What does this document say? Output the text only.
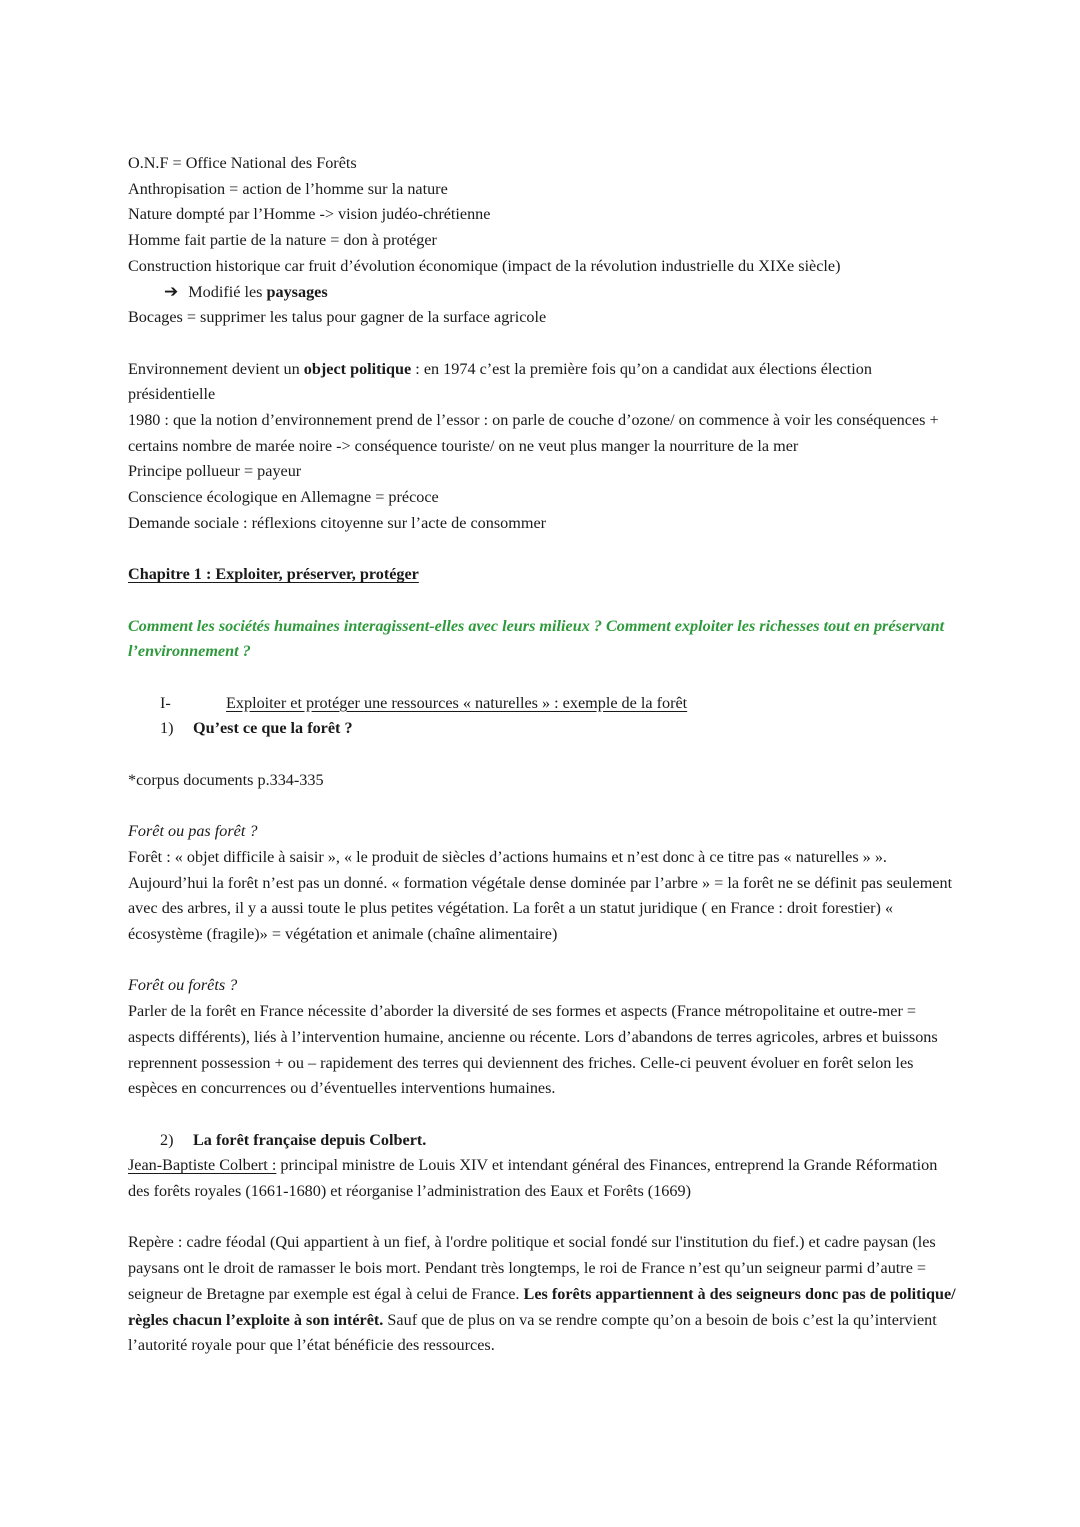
O.N.F = Office National des Forêts

Anthropisation = action de l’homme sur la nature

Nature dompté par l’Homme -> vision judéo-chrétienne

Homme fait partie de la nature = don à protéger

Construction historique car fruit d’évolution économique (impact de la révolution industrielle du XIXe siècle)

➔ Modifié les paysages

Bocages = supprimer les talus pour gagner de la surface agricole

Environnement devient un object politique : en 1974 c’est la première fois qu’on a candidat aux élections élection présidentielle

1980 : que la notion d’environnement prend de l’essor : on parle de couche d’ozone/ on commence à voir les conséquences + certains nombre de marée noire -> conséquence touriste/ on ne veut plus manger la nourriture de la mer

Principe pollueur = payeur

Conscience écologique en Allemagne = précoce

Demande sociale : réflexions citoyenne sur l’acte de consommer

Chapitre 1 : Exploiter, préserver, protéger

Comment les sociétés humaines interagissent-elles avec leurs milieux ? Comment exploiter les richesses tout en préservant l’environnement ?

I-	Exploiter et protéger une ressources « naturelles » : exemple de la forêt

1) Qu’est ce que la forêt ?

*corpus documents p.334-335

Forêt ou pas forêt ?

Forêt : « objet difficile à saisir », « le produit de siècles d’actions humains et n’est donc à ce titre pas « naturelles » ». Aujourd’hui la forêt n’est pas un donné. « formation végétale dense dominée par l’arbre » = la forêt ne se définit pas seulement avec des arbres, il y a aussi toute le plus petites végétation. La forêt a un statut juridique ( en France : droit forestier) « écosystème (fragile)» = végétation et animale (chaîne alimentaire)

Forêt ou forêts ?

Parler de la forêt en France nécessite d’aborder la diversité de ses formes et aspects (France métropolitaine et outre-mer = aspects différents), liés à l’intervention humaine, ancienne ou récente. Lors d’abandons de terres agricoles, arbres et buissons reprennent possession + ou – rapidement des terres qui deviennent des friches. Celle-ci peuvent évoluer en forêt selon les espèces en concurrences ou d’éventuelles interventions humaines.

2) La forêt française depuis Colbert.

Jean-Baptiste Colbert : principal ministre de Louis XIV et intendant général des Finances, entreprend la Grande Réformation des forêts royales (1661-1680) et réorganise l’administration des Eaux et Forêts (1669)

Repère : cadre féodal (Qui appartient à un fief, à l'ordre politique et social fondé sur l'institution du fief.) et cadre paysan (les paysans ont le droit de ramasser le bois mort. Pendant très longtemps, le roi de France n’est qu’un seigneur parmi d’autre = seigneur de Bretagne par exemple est égal à celui de France. Les forêts appartiennent à des seigneurs donc pas de politique/ règles chacun l’exploite à son intérêt. Sauf que de plus on va se rendre compte qu’on a besoin de bois c’est la qu’intervient l’autorité royale pour que l’état bénéficie des ressources.
